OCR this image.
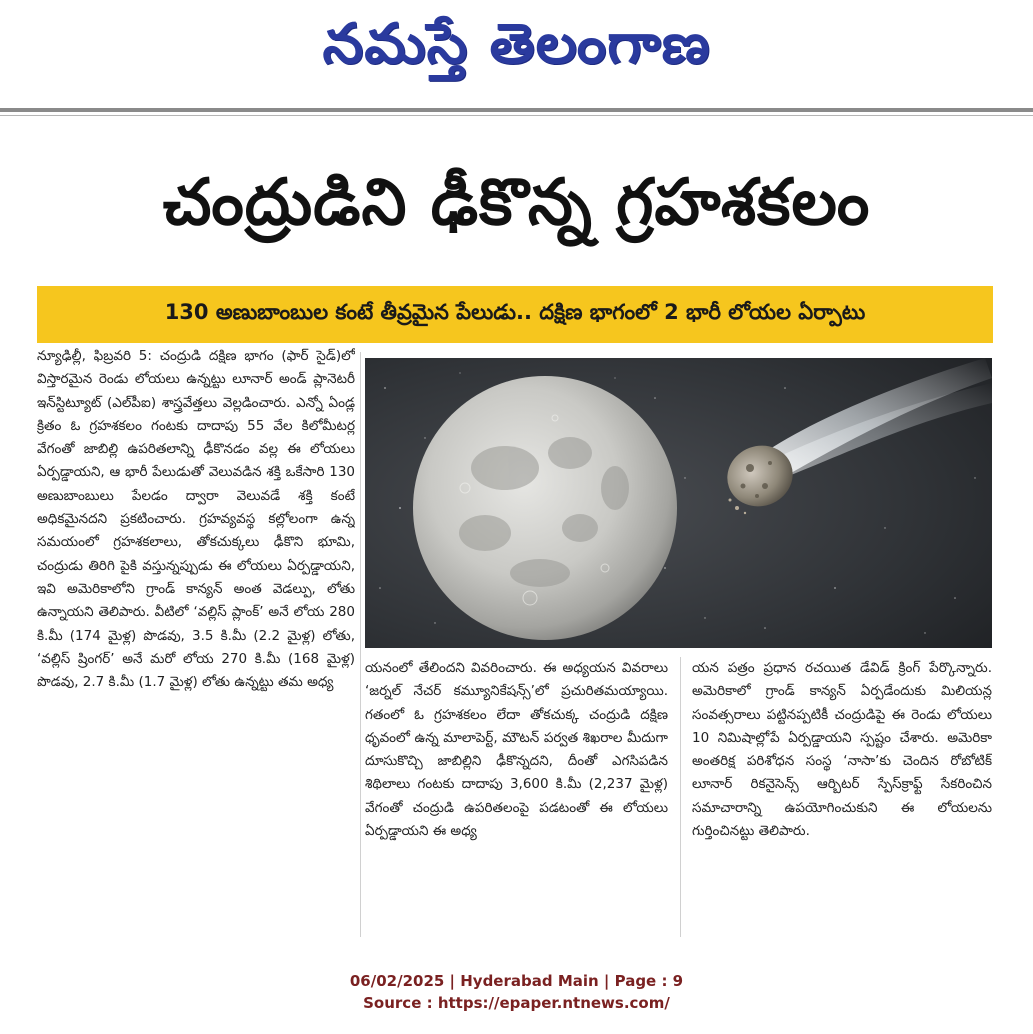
నమస్తే తెలంగాణ
చంద్రుడిని ఢీకొన్న గ్రహశకలం
130 అణుబాంబుల కంటే తీవ్రమైన పేలుడు.. దక్షిణ భాగంలో 2 భారీ లోయల ఏర్పాటు
న్యూఢిల్లీ, ఫిబ్రవరి 5: చంద్రుడి దక్షిణ భాగం (ఫార్ సైడ్)లో విస్తారమైన రెండు లోయలు ఉన్నట్టు లూనార్ అండ్ ప్లానెటరీ ఇన్‌స్టిట్యూట్ (ఎల్‌పీఐ) శాస్త్రవేత్తలు వెల్లడించారు. ఎన్నో ఏండ్ల క్రితం ఓ గ్రహశకలం గంటకు దాదాపు 55 వేల కిలోమీటర్ల వేగంతో జాబిల్లి ఉపరితలాన్ని ఢీకొనడం వల్ల ఈ లోయలు ఏర్పడ్డాయని, ఆ భారీ పేలుడుతో వెలువడిన శక్తి ఒకేసారి 130 అణుబాంబులు పేలడం ద్వారా వెలువడే శక్తి కంటే అధికమైనదని ప్రకటించారు. గ్రహవ్యవస్థ కల్లోలంగా ఉన్న సమయంలో గ్రహశకలాలు, తోకచుక్కలు ఢీకొని భూమి, చంద్రుడు తిరిగి పైకి వస్తున్నప్పుడు ఈ లోయలు ఏర్పడ్డాయని, ఇవి అమెరికాలోని గ్రాండ్ కాన్యన్ అంత వెడల్పు, లోతు ఉన్నాయని తెలిపారు. వీటిలో ‘వల్లిస్ ప్లాంక్’ అనే లోయ 280 కి.మీ (174 మైళ్ల) పొడవు, 3.5 కి.మీ (2.2 మైళ్ల) లోతు, ‘వల్లిస్ ష్రింగర్’ అనే మరో లోయ 270 కి.మీ (168 మైళ్ల) పొడవు, 2.7 కి.మీ (1.7 మైళ్ల) లోతు ఉన్నట్టు తమ అధ్య
యనంలో తేలిందని వివరించారు. ఈ అధ్యయన వివరాలు ‘జర్నల్ నేచర్ కమ్యూనికేషన్స్’లో ప్రచురితమయ్యాయి. గతంలో ఓ గ్రహశకలం లేదా తోకచుక్క చంద్రుడి దక్షిణ ధృవంలో ఉన్న మాలాపెర్ట్, మౌటన్ పర్వత శిఖరాల మీదుగా దూసుకొచ్చి జాబిల్లిని ఢీకొన్నదని, దీంతో ఎగసిపడిన శిథిలాలు గంటకు దాదాపు 3,600 కి.మీ (2,237 మైళ్ల) వేగంతో చంద్రుడి ఉపరితలంపై పడటంతో ఈ లోయలు ఏర్పడ్డాయని ఈ అధ్య
యన పత్రం ప్రధాన రచయిత డేవిడ్ క్రింగ్ పేర్కొన్నారు. అమెరికాలో గ్రాండ్ కాన్యన్ ఏర్పడేందుకు మిలియన్ల సంవత్సరాలు పట్టినప్పటికీ చంద్రుడిపై ఈ రెండు లోయలు 10 నిమిషాల్లోపే ఏర్పడ్డాయని స్పష్టం చేశారు. అమెరికా అంతరిక్ష పరిశోధన సంస్థ ‘నాసా’కు చెందిన రోబోటిక్ లూనార్ రికనైసెన్స్ ఆర్బిటర్ స్పేస్‌క్రాఫ్ట్ సేకరించిన సమాచారాన్ని ఉపయోగించుకుని ఈ లోయలను గుర్తించినట్టు తెలిపారు.
06/02/2025 | Hyderabad Main | Page : 9
Source : https://epaper.ntnews.com/
